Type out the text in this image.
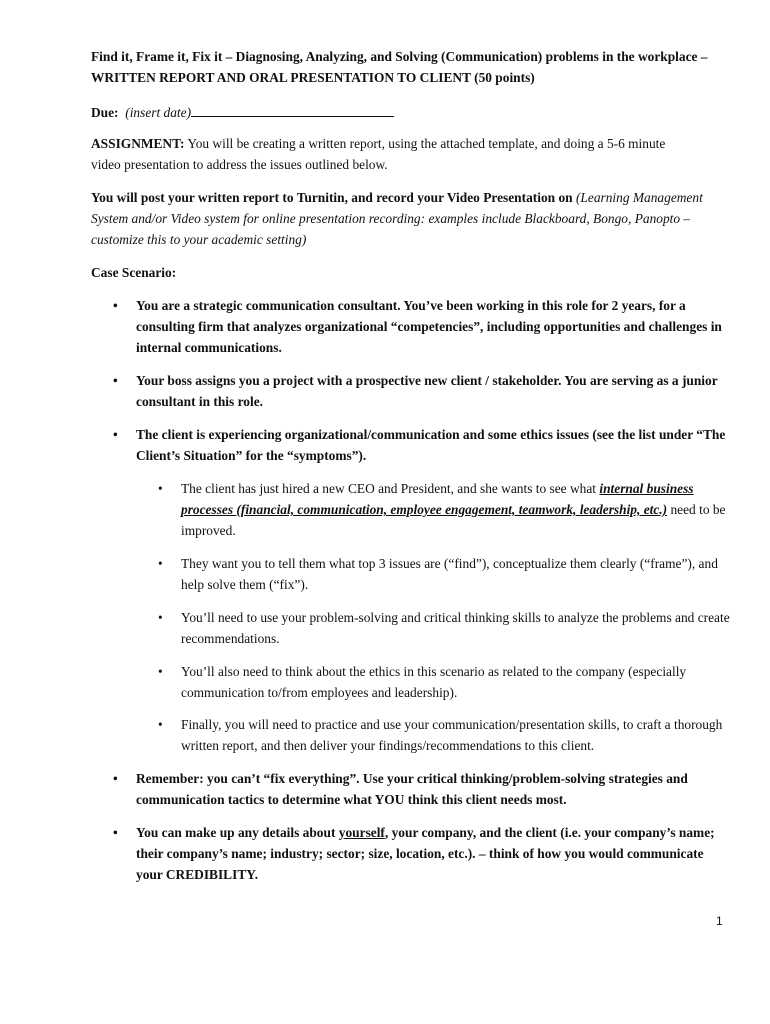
Find it, Frame it, Fix it – Diagnosing, Analyzing, and Solving (Communication) problems in the workplace –WRITTEN REPORT AND ORAL PRESENTATION TO CLIENT (50 points)

Due: (insert date)

ASSIGNMENT: You will be creating a written report, using the attached template, and doing a 5-6 minute video presentation to address the issues outlined below.

You will post your written report to Turnitin, and record your Video Presentation on (Learning Management System and/or Video system for online presentation recording: examples include Blackboard, Bongo, Panopto – customize this to your academic setting)

Case Scenario:

• You are a strategic communication consultant. You’ve been working in this role for 2 years, for a consulting firm that analyzes organizational “competencies”, including opportunities and challenges in internal communications.
• Your boss assigns you a project with a prospective new client / stakeholder. You are serving as a junior consultant in this role.
• The client is experiencing organizational/communication and some ethics issues (see the list under “The Client’s Situation” for the “symptoms”).
• The client has just hired a new CEO and President, and she wants to see what internal business processes (financial, communication, employee engagement, teamwork, leadership, etc.) need to be improved.
• They want you to tell them what top 3 issues are (“find”), conceptualize them clearly (“frame”), and help solve them (“fix”).
• You’ll need to use your problem-solving and critical thinking skills to analyze the problems and create recommendations.
• You’ll also need to think about the ethics in this scenario as related to the company (especially communication to/from employees and leadership).
• Finally, you will need to practice and use your communication/presentation skills, to craft a thorough written report, and then deliver your findings/recommendations to this client.
• Remember: you can’t “fix everything”. Use your critical thinking/problem-solving strategies and communication tactics to determine what YOU think this client needs most.
• You can make up any details about yourself, your company, and the client (i.e. your company’s name; their company’s name; industry; sector; size, location, etc.). – think of how you would communicate your CREDIBILITY.
1
